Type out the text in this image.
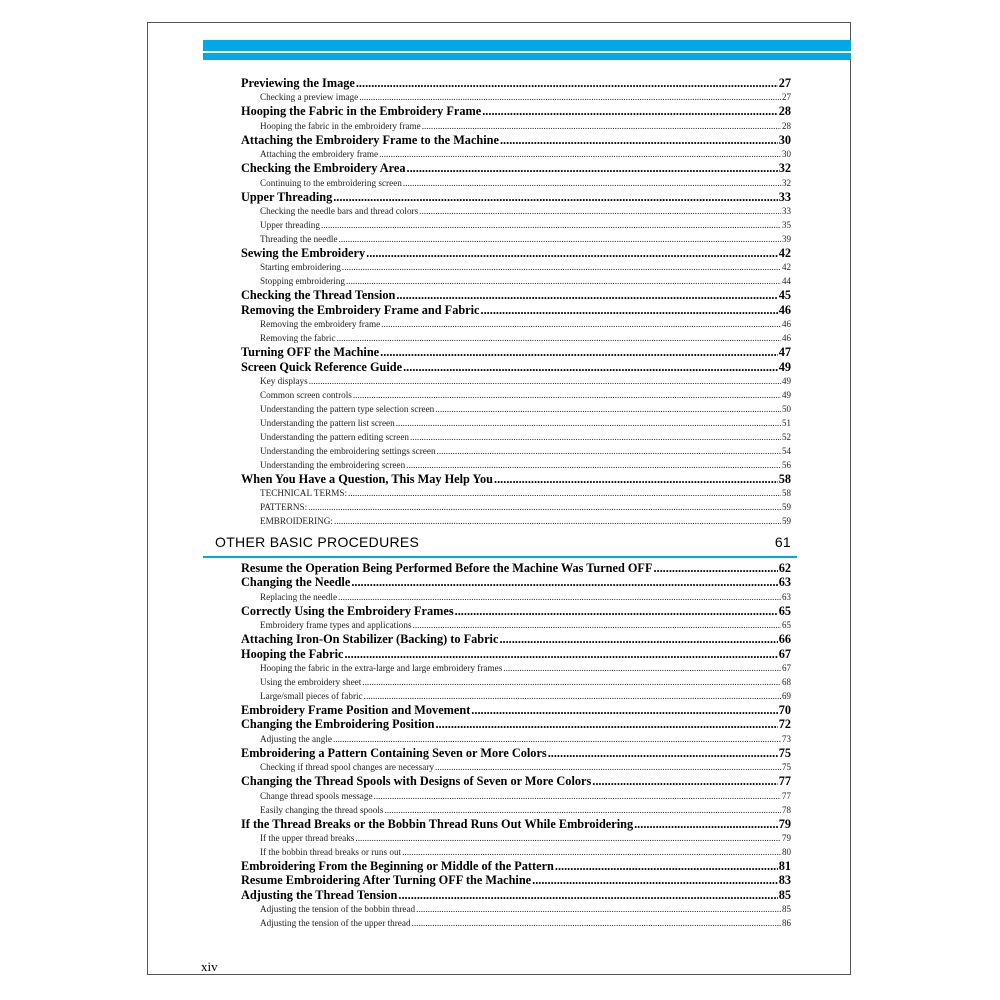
Previewing the Image .....	27
Checking a preview image .....	27
Hooping the Fabric in the Embroidery Frame .....	28
Hooping the fabric in the embroidery frame .....	28
Attaching the Embroidery Frame to the Machine .....	30
Attaching the embroidery frame .....	30
Checking the Embroidery Area .....	32
Continuing to the embroidering screen .....	32
Upper Threading .....	33
Checking the needle bars and thread colors .....	33
Upper threading .....	35
Threading the needle .....	39
Sewing the Embroidery .....	42
Starting embroidering .....	42
Stopping embroidering .....	44
Checking the Thread Tension .....	45
Removing the Embroidery Frame and Fabric .....	46
Removing the embroidery frame .....	46
Removing the fabric .....	46
Turning OFF the Machine .....	47
Screen Quick Reference Guide .....	49
Key displays .....	49
Common screen controls .....	49
Understanding the pattern type selection screen .....	50
Understanding the pattern list screen .....	51
Understanding the pattern editing screen .....	52
Understanding the embroidering settings screen .....	54
Understanding the embroidering screen .....	56
When You Have a Question, This May Help You .....	58
TECHNICAL TERMS: .....	58
PATTERNS: .....	59
EMBROIDERING: .....	59
OTHER BASIC PROCEDURES	61
Resume the Operation Being Performed Before the Machine Was Turned OFF .....	62
Changing the Needle .....	63
Replacing the needle .....	63
Correctly Using the Embroidery Frames .....	65
Embroidery frame types and applications .....	65
Attaching Iron-On Stabilizer (Backing) to Fabric .....	66
Hooping the Fabric .....	67
Hooping the fabric in the extra-large and large embroidery frames .....	67
Using the embroidery sheet .....	68
Large/small pieces of fabric .....	69
Embroidery Frame Position and Movement .....	70
Changing the Embroidering Position .....	72
Adjusting the angle .....	73
Embroidering a Pattern Containing Seven or More Colors .....	75
Checking if thread spool changes are necessary .....	75
Changing the Thread Spools with Designs of Seven or More Colors .....	77
Change thread spools message .....	77
Easily changing the thread spools .....	78
If the Thread Breaks or the Bobbin Thread Runs Out While Embroidering .....	79
If the upper thread breaks .....	79
If the bobbin thread breaks or runs out .....	80
Embroidering From the Beginning or Middle of the Pattern .....	81
Resume Embroidering After Turning OFF the Machine .....	83
Adjusting the Thread Tension .....	85
Adjusting the tension of the bobbin thread .....	85
Adjusting the tension of the upper thread .....	86
xiv
